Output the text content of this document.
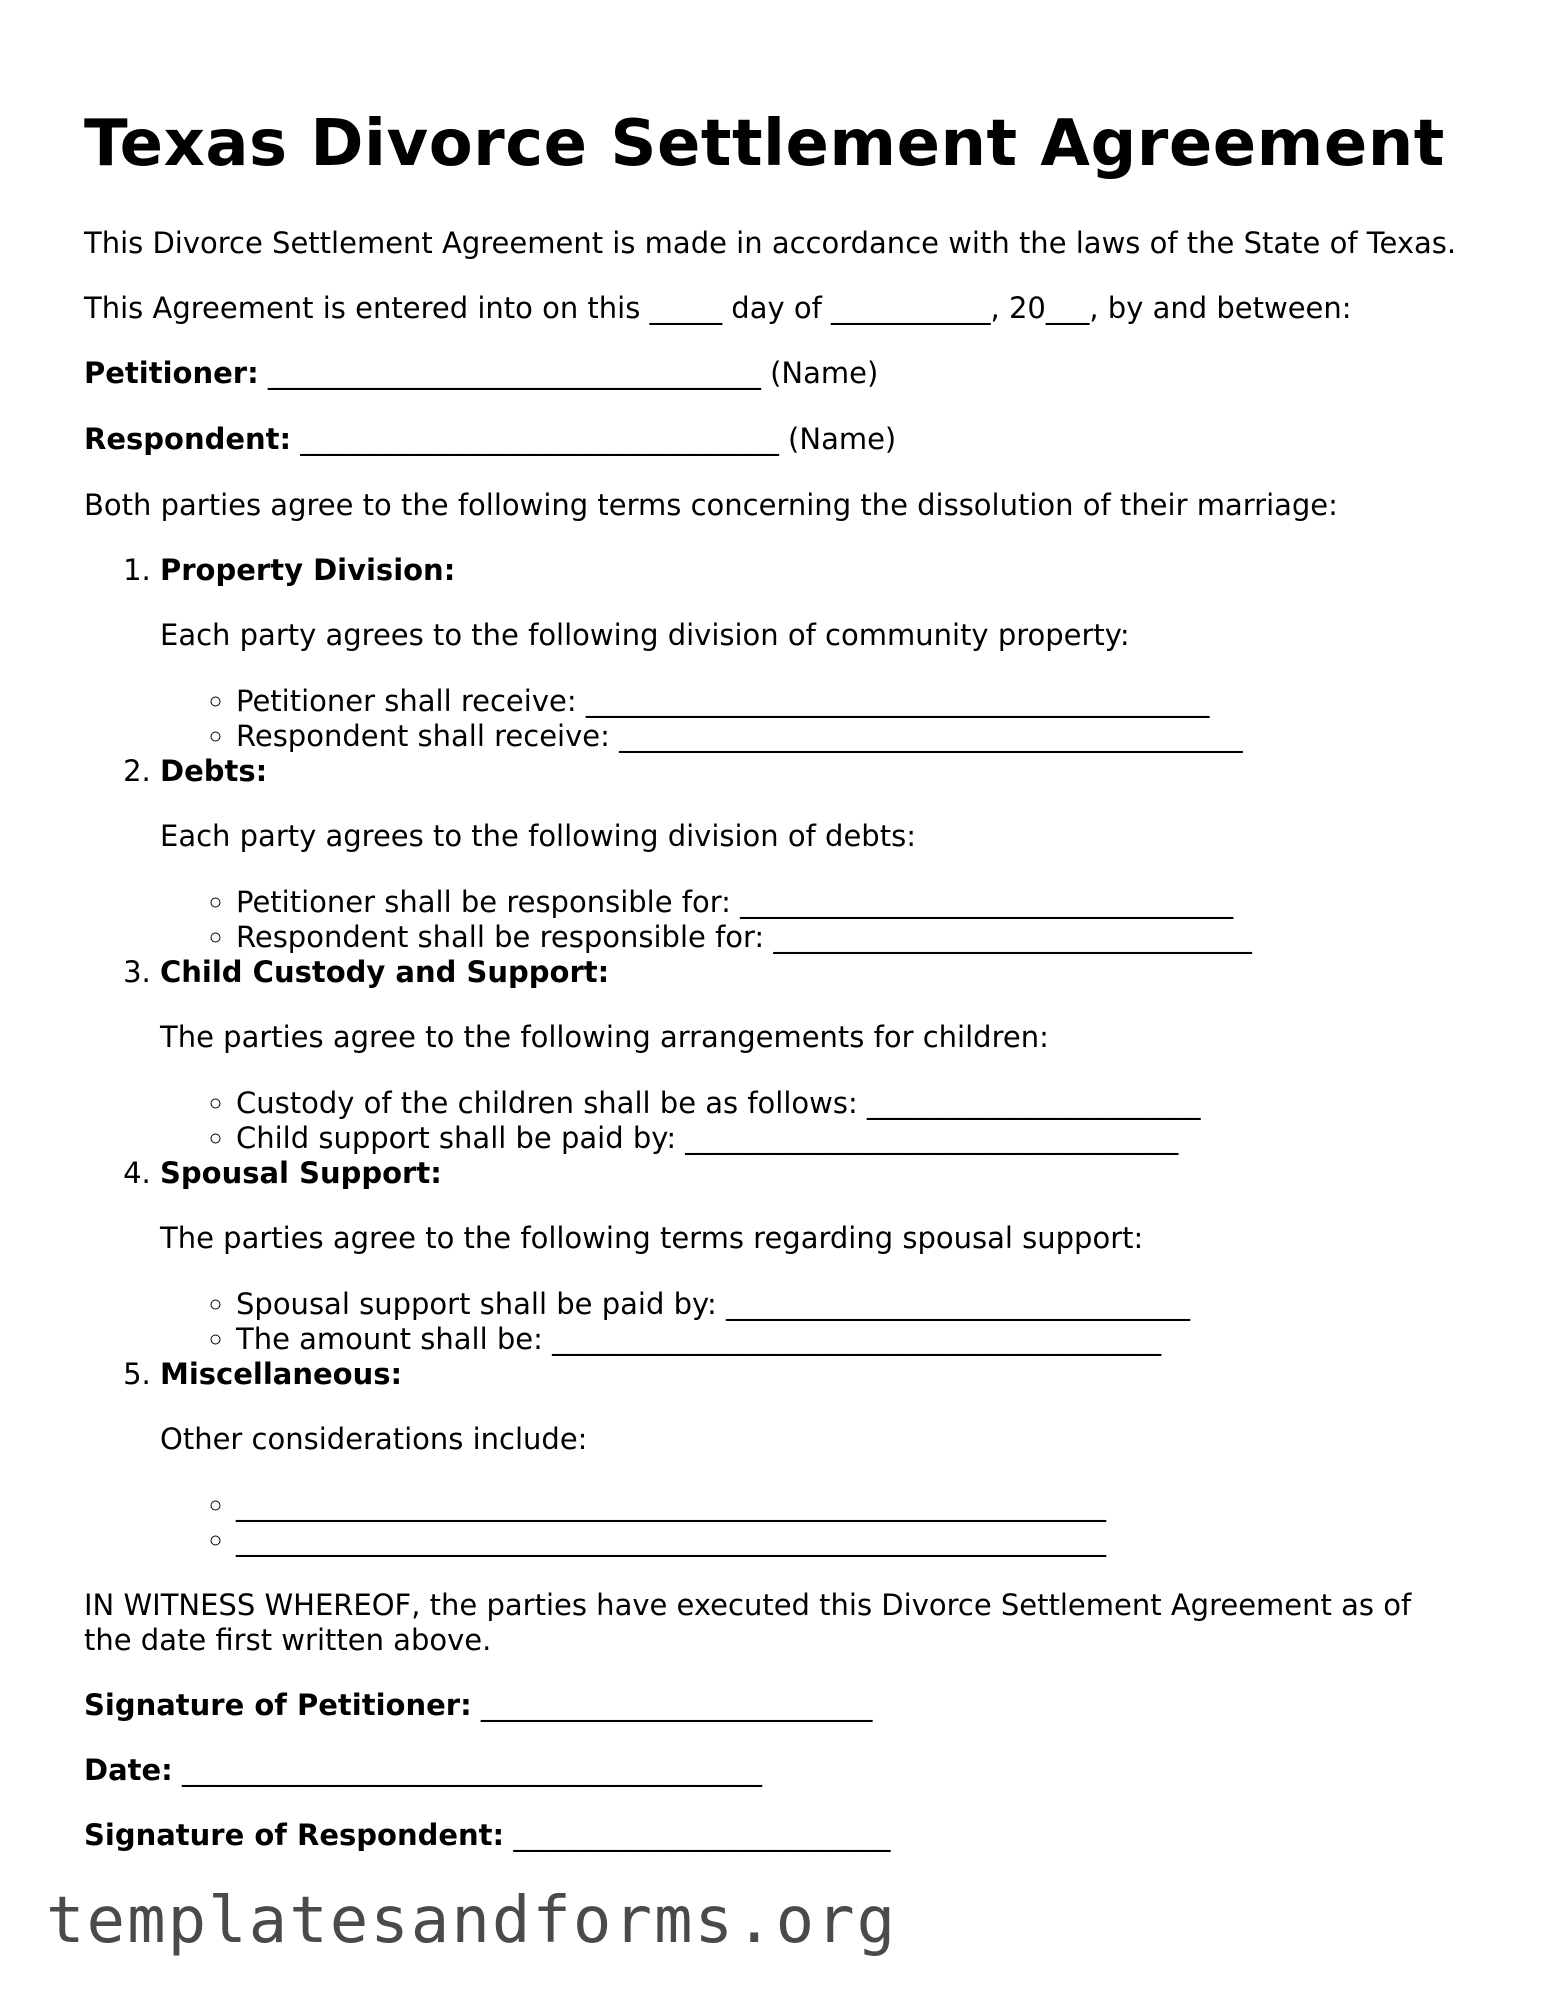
Texas Divorce Settlement Agreement

This Divorce Settlement Agreement is made in accordance with the laws of the State of Texas.

This Agreement is entered into on this _____ day of ___________, 20___, by and between:

Petitioner: __________________________________ (Name)

Respondent: _________________________________ (Name)

Both parties agree to the following terms concerning the dissolution of their marriage:

1. Property Division:

Each party agrees to the following division of community property:

◦ Petitioner shall receive: ___________________________________________
◦ Respondent shall receive: ___________________________________________
2. Debts:

Each party agrees to the following division of debts:

◦ Petitioner shall be responsible for: __________________________________
◦ Respondent shall be responsible for: _________________________________
3. Child Custody and Support:

The parties agree to the following arrangements for children:

◦ Custody of the children shall be as follows: _______________________
◦ Child support shall be paid by: __________________________________
4. Spousal Support:

The parties agree to the following terms regarding spousal support:

◦ Spousal support shall be paid by: ________________________________
◦ The amount shall be: __________________________________________
5. Miscellaneous:

Other considerations include:

◦ ____________________________________________________________
◦ ____________________________________________________________

IN WITNESS WHEREOF, the parties have executed this Divorce Settlement Agreement as of the date first written above.

Signature of Petitioner: ___________________________

Date: ________________________________________

Signature of Respondent: __________________________

templatesandforms.org
